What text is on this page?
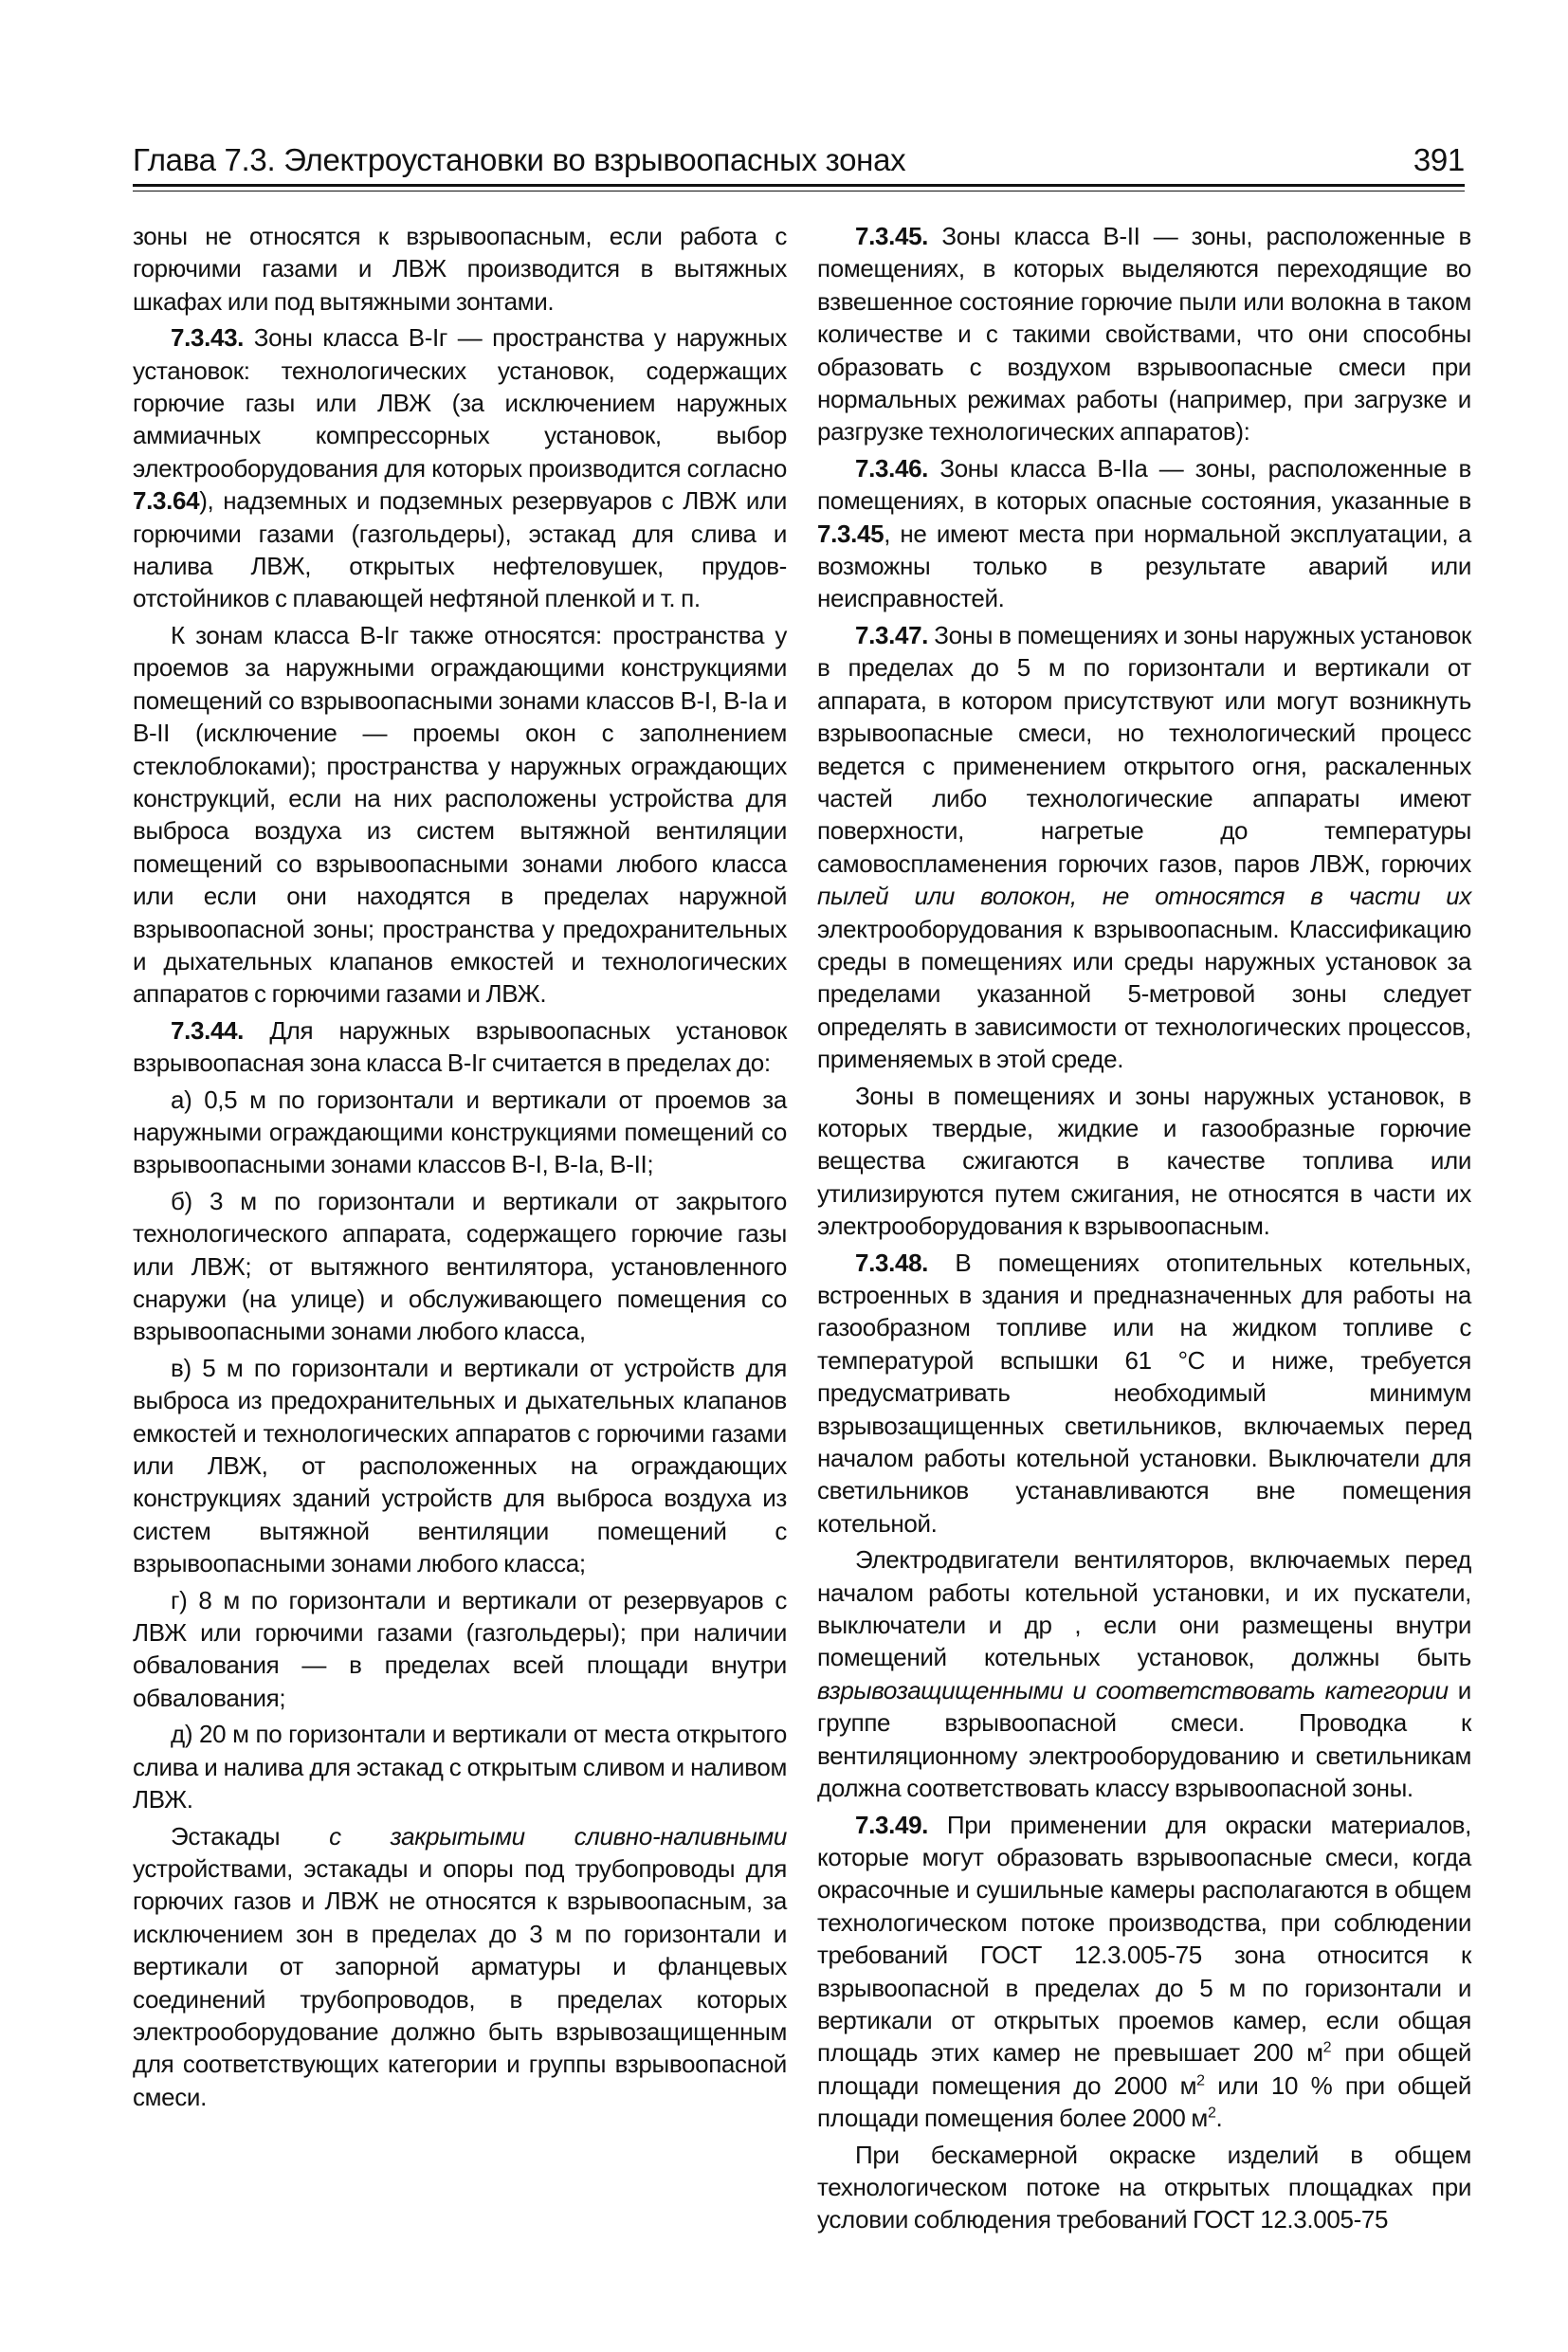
Глава 7.3. Электроустановки во взрывоопасных зонах	391

зоны не относятся к взрывоопасным, если работа с горючими газами и ЛВЖ производится в вытяжных шкафах или под вытяжными зонтами.

7.3.43. Зоны класса В-Іг — пространства у наружных установок: технологических установок, содержащих горючие газы или ЛВЖ (за исключением наружных аммиачных компрессорных установок, выбор электрооборудования для которых производится согласно 7.3.64), надземных и подземных резервуаров с ЛВЖ или горючими газами (газгольдеры), эстакад для слива и налива ЛВЖ, открытых нефтеловушек, прудов-отстойников с плавающей нефтяной пленкой и т. п.

К зонам класса В-Іг также относятся: пространства у проемов за наружными ограждающими конструкциями помещений со взрывоопасными зонами классов В-І, В-Іа и В-ІІ (исключение — проемы окон с заполнением стеклоблоками); пространства у наружных ограждающих конструкций, если на них расположены устройства для выброса воздуха из систем вытяжной вентиляции помещений со взрывоопасными зонами любого класса или если они находятся в пределах наружной взрывоопасной зоны; пространства у предохранительных и дыхательных клапанов емкостей и технологических аппаратов с горючими газами и ЛВЖ.

7.3.44. Для наружных взрывоопасных установок взрывоопасная зона класса В-Іг считается в пределах до:

а) 0,5 м по горизонтали и вертикали от проемов за наружными ограждающими конструкциями помещений со взрывоопасными зонами классов В-І, В-Іа, В-ІІ;

б) 3 м по горизонтали и вертикали от закрытого технологического аппарата, содержащего горючие газы или ЛВЖ; от вытяжного вентилятора, установленного снаружи (на улице) и обслуживающего помещения со взрывоопасными зонами любого класса,

в) 5 м по горизонтали и вертикали от устройств для выброса из предохранительных и дыхательных клапанов емкостей и технологических аппаратов с горючими газами или ЛВЖ, от расположенных на ограждающих конструкциях зданий устройств для выброса воздуха из систем вытяжной вентиляции помещений с взрывоопасными зонами любого класса;

г) 8 м по горизонтали и вертикали от резервуаров с ЛВЖ или горючими газами (газгольдеры); при наличии обвалования — в пределах всей площади внутри обвалования;

д) 20 м по горизонтали и вертикали от места открытого слива и налива для эстакад с открытым сливом и наливом ЛВЖ.

Эстакады с закрытыми сливно-наливными устройствами, эстакады и опоры под трубопроводы для горючих газов и ЛВЖ не относятся к взрывоопасным, за исключением зон в пределах до 3 м по горизонтали и вертикали от запорной арматуры и фланцевых соединений трубопроводов, в пределах которых электрооборудование должно быть взрывозащищенным для соответствующих категории и группы взрывоопасной смеси.

7.3.45. Зоны класса В-ІІ — зоны, расположенные в помещениях, в которых выделяются переходящие во взвешенное состояние горючие пыли или волокна в таком количестве и с такими свойствами, что они способны образовать с воздухом взрывоопасные смеси при нормальных режимах работы (например, при загрузке и разгрузке технологических аппаратов):

7.3.46. Зоны класса В-ІІа — зоны, расположенные в помещениях, в которых опасные состояния, указанные в 7.3.45, не имеют места при нормальной эксплуатации, а возможны только в результате аварий или неисправностей.

7.3.47. Зоны в помещениях и зоны наружных установок в пределах до 5 м по горизонтали и вертикали от аппарата, в котором присутствуют или могут возникнуть взрывоопасные смеси, но технологический процесс ведется с применением открытого огня, раскаленных частей либо технологические аппараты имеют поверхности, нагретые до температуры самовоспламенения горючих газов, паров ЛВЖ, горючих пылей или волокон, не относятся в части их электрооборудования к взрывоопасным. Классификацию среды в помещениях или среды наружных установок за пределами указанной 5-метровой зоны следует определять в зависимости от технологических процессов, применяемых в этой среде.

Зоны в помещениях и зоны наружных установок, в которых твердые, жидкие и газообразные горючие вещества сжигаются в качестве топлива или утилизируются путем сжигания, не относятся в части их электрооборудования к взрывоопасным.

7.3.48. В помещениях отопительных котельных, встроенных в здания и предназначенных для работы на газообразном топливе или на жидком топливе с температурой вспышки 61 °С и ниже, требуется предусматривать необходимый минимум взрывозащищенных светильников, включаемых перед началом работы котельной установки. Выключатели для светильников устанавливаются вне помещения котельной.

Электродвигатели вентиляторов, включаемых перед началом работы котельной установки, и их пускатели, выключатели и др , если они размещены внутри помещений котельных установок, должны быть взрывозащищенными и соответствовать категории и группе взрывоопасной смеси. Проводка к вентиляционному электрооборудованию и светильникам должна соответствовать классу взрывоопасной зоны.

7.3.49. При применении для окраски материалов, которые могут образовать взрывоопасные смеси, когда окрасочные и сушильные камеры располагаются в общем технологическом потоке производства, при соблюдении требований ГОСТ 12.3.005-75 зона относится к взрывоопасной в пределах до 5 м по горизонтали и вертикали от открытых проемов камер, если общая площадь этих камер не превышает 200 $м^2$ при общей площади помещения до 2000 $м^2$ или 10 % при общей площади помещения более 2000 $м^2$.

При бескамерной окраске изделий в общем технологическом потоке на открытых площадках при условии соблюдения требований ГОСТ 12.3.005-75
